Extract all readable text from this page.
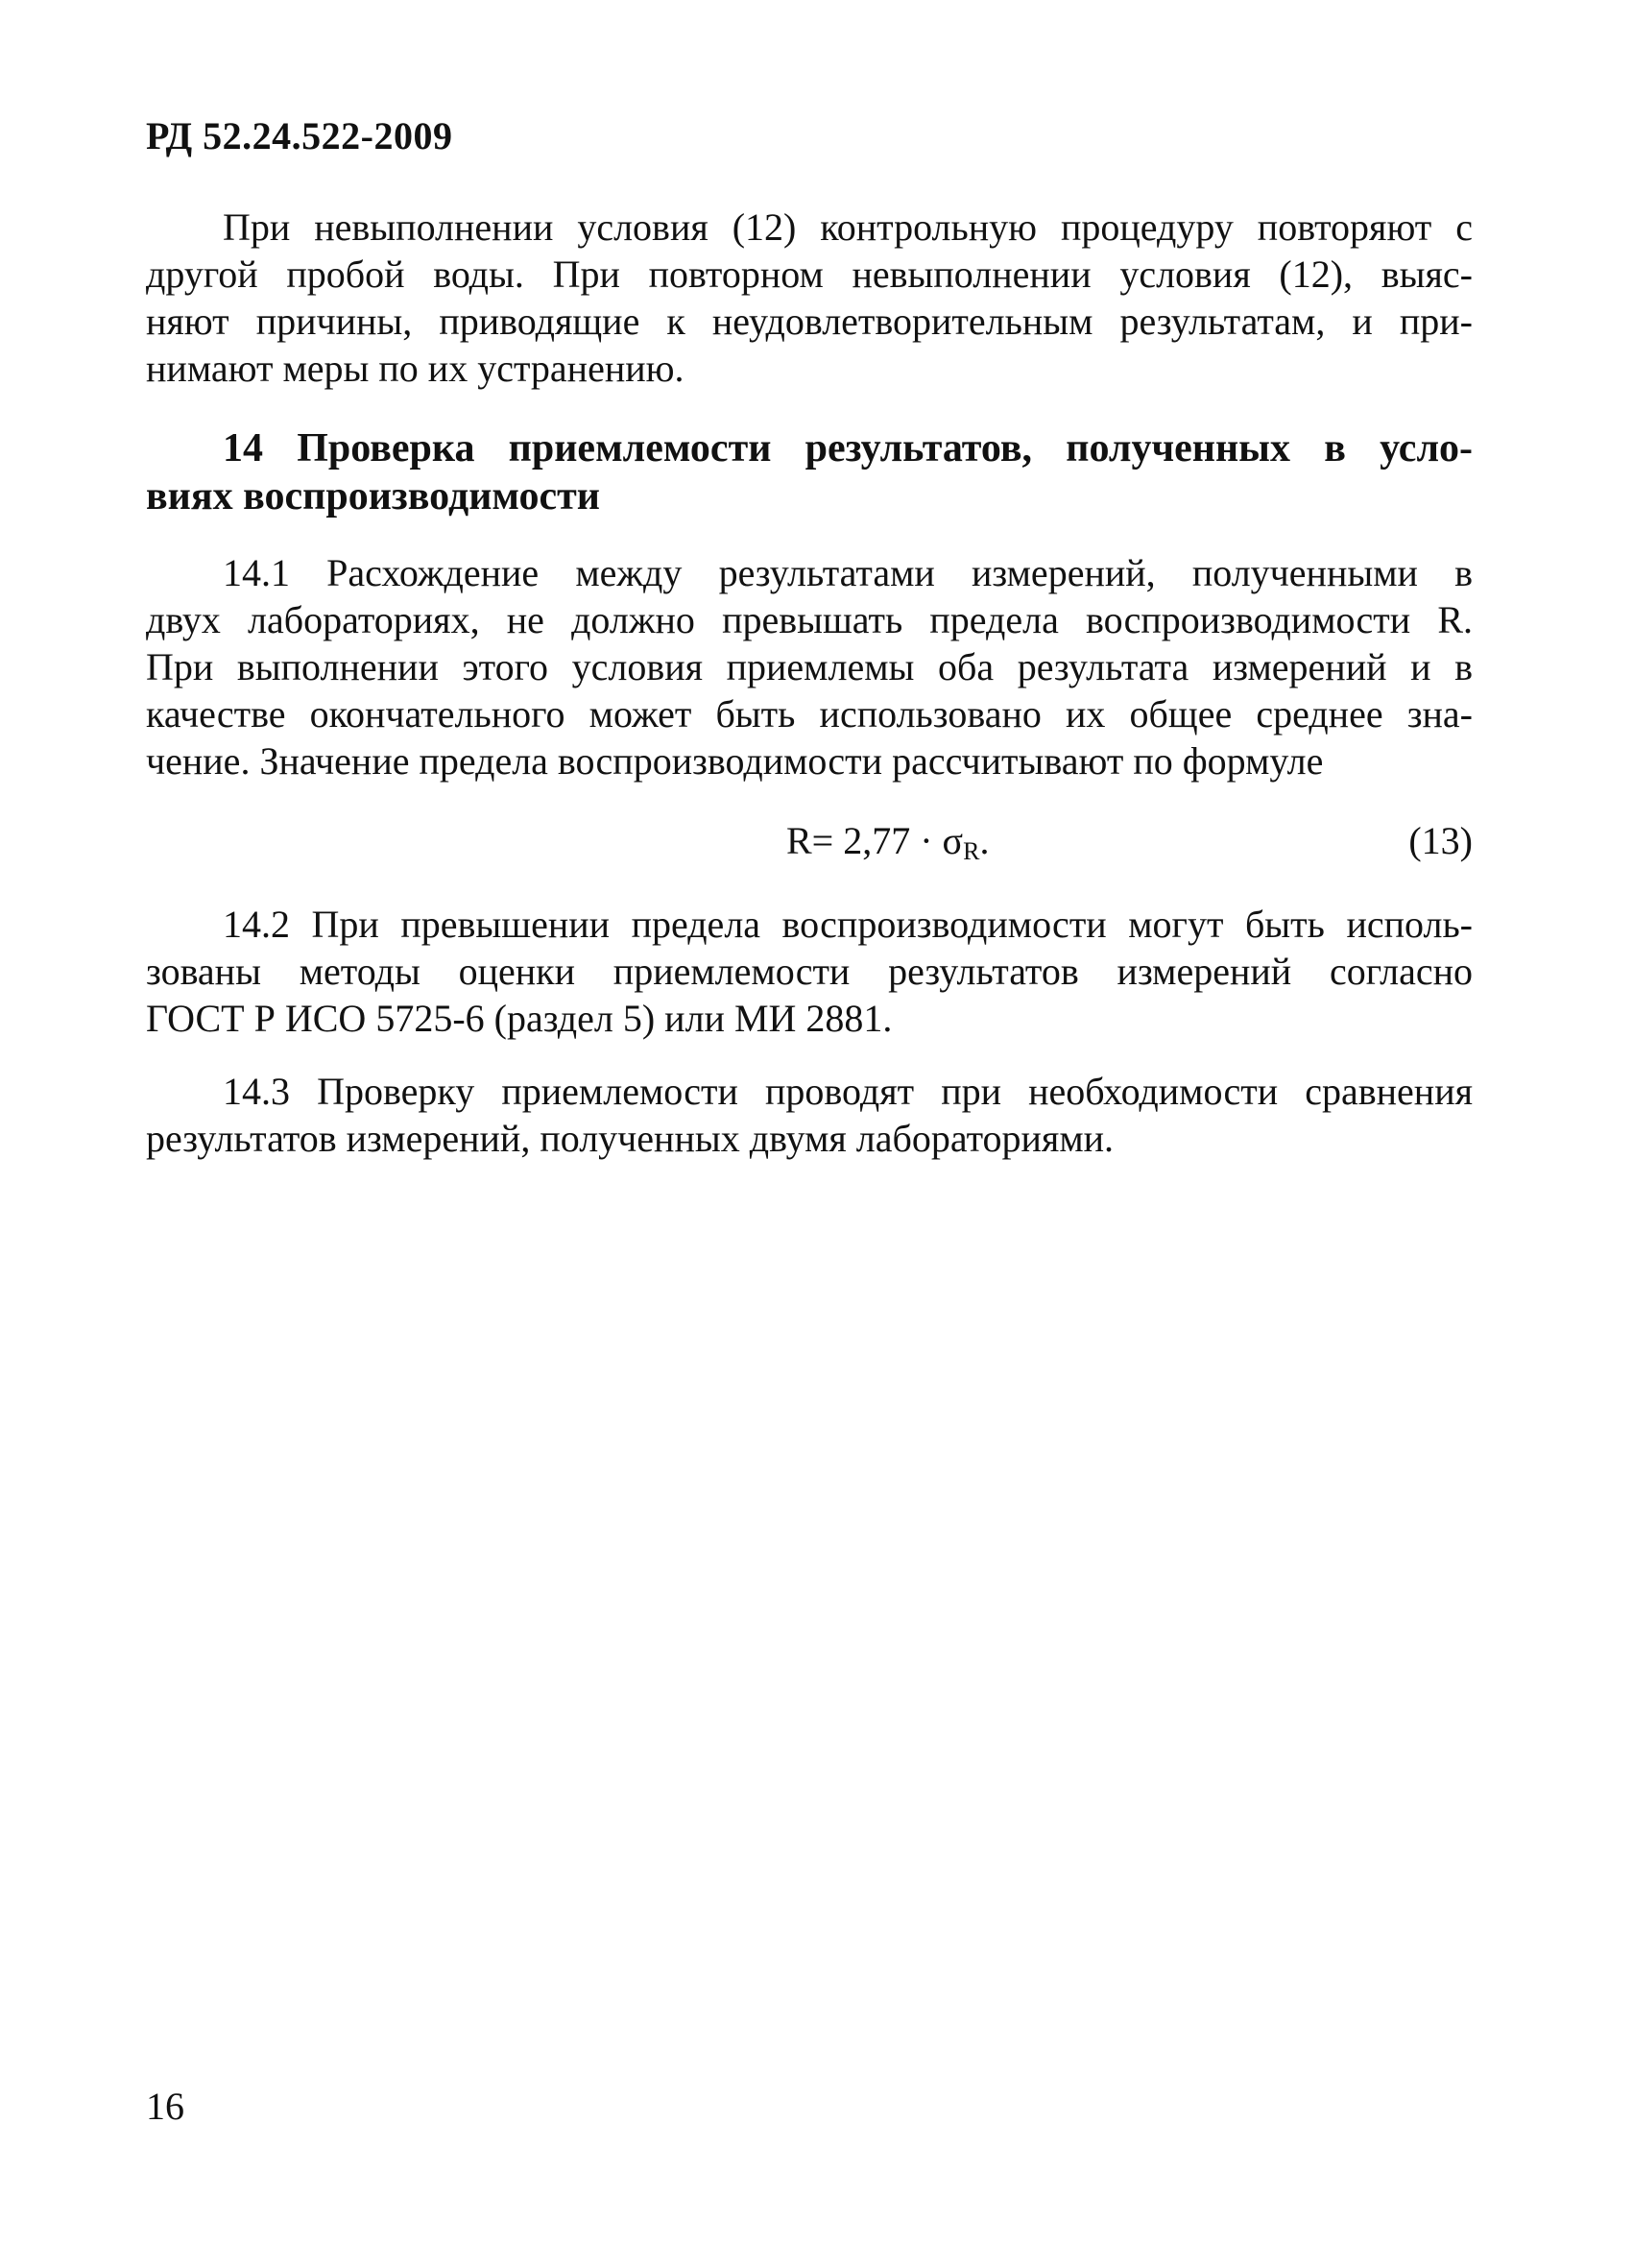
РД 52.24.522-2009
При невыполнении условия (12) контрольную процедуру повторяют с
другой пробой воды. При повторном невыполнении условия (12), выяс-
няют причины, приводящие к неудовлетворительным результатам, и при-
нимают меры по их устранению.
14 Проверка приемлемости результатов, полученных в усло-
виях воспроизводимости
14.1 Расхождение между результатами измерений, полученными в
двух лабораториях, не должно превышать предела воспроизводимости R.
При выполнении этого условия приемлемы оба результата измерений и в
качестве окончательного может быть использовано их общее среднее зна-
чение. Значение предела воспроизводимости рассчитывают по формуле
$R= 2,77 \cdot \sigma_R$.	(13)
14.2 При превышении предела воспроизводимости могут быть исполь-
зованы методы оценки приемлемости результатов измерений согласно
ГОСТ Р ИСО 5725-6 (раздел 5) или МИ 2881.
14.3 Проверку приемлемости проводят при необходимости сравнения
результатов измерений, полученных двумя лабораториями.
16
